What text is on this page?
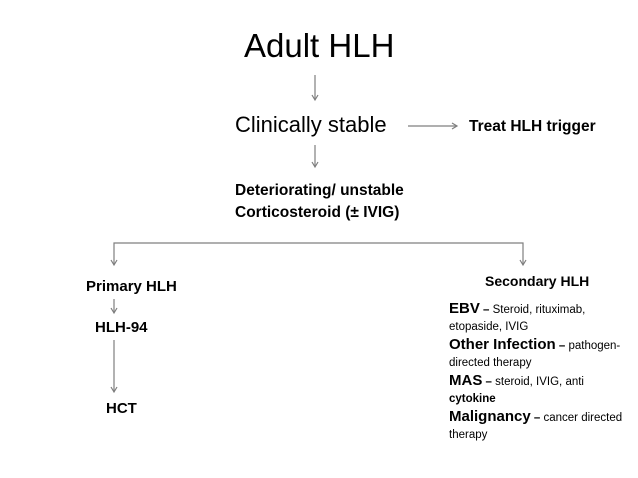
Adult HLH
Clinically stable	Treat HLH trigger
Deteriorating/ unstable
Corticosteroid (± IVIG)
Primary HLH	Secondary HLH
HLH-94
HCT
EBV – Steroid, rituximab, etopaside, IVIG
Other Infection – pathogen-directed therapy
MAS – steroid, IVIG, anti
cytokine
Malignancy – cancer directed therapy
